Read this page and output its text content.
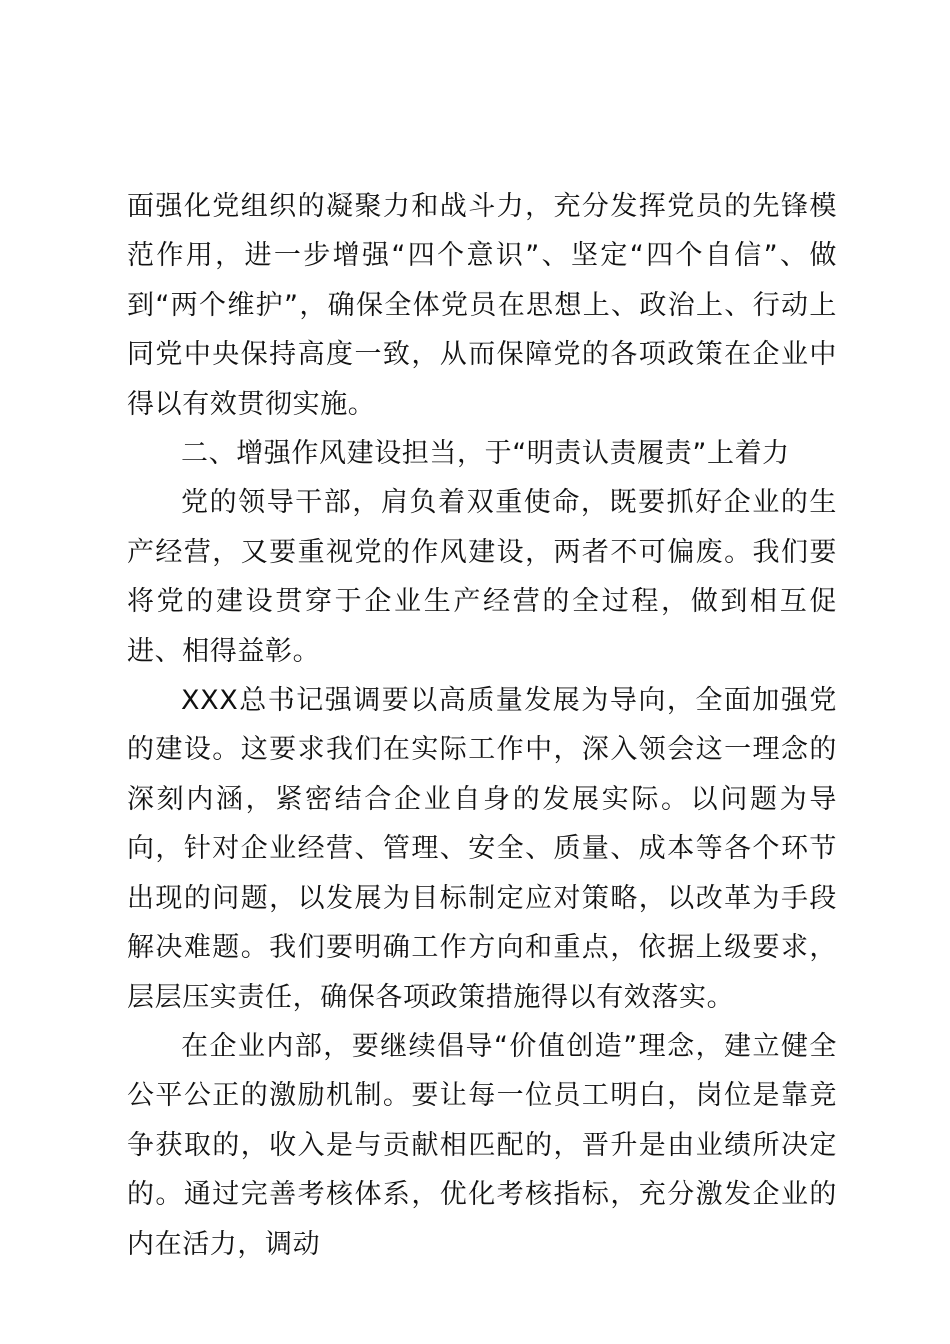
面强化党组织的凝聚力和战斗力，充分发挥党员的先锋模范作用，进一步增强“四个意识”、坚定“四个自信”、做到“两个维护”，确保全体党员在思想上、政治上、行动上同党中央保持高度一致，从而保障党的各项政策在企业中得以有效贯彻实施。

二、增强作风建设担当，于“明责认责履责”上着力

党的领导干部，肩负着双重使命，既要抓好企业的生产经营，又要重视党的作风建设，两者不可偏废。我们要将党的建设贯穿于企业生产经营的全过程，做到相互促进、相得益彰。

XXX总书记强调要以高质量发展为导向，全面加强党的建设。这要求我们在实际工作中，深入领会这一理念的深刻内涵，紧密结合企业自身的发展实际。以问题为导向，针对企业经营、管理、安全、质量、成本等各个环节出现的问题，以发展为目标制定应对策略，以改革为手段解决难题。我们要明确工作方向和重点，依据上级要求，层层压实责任，确保各项政策措施得以有效落实。

在企业内部，要继续倡导“价值创造”理念，建立健全公平公正的激励机制。要让每一位员工明白，岗位是靠竞争获取的，收入是与贡献相匹配的，晋升是由业绩所决定的。通过完善考核体系，优化考核指标，充分激发企业的内在活力，调动
